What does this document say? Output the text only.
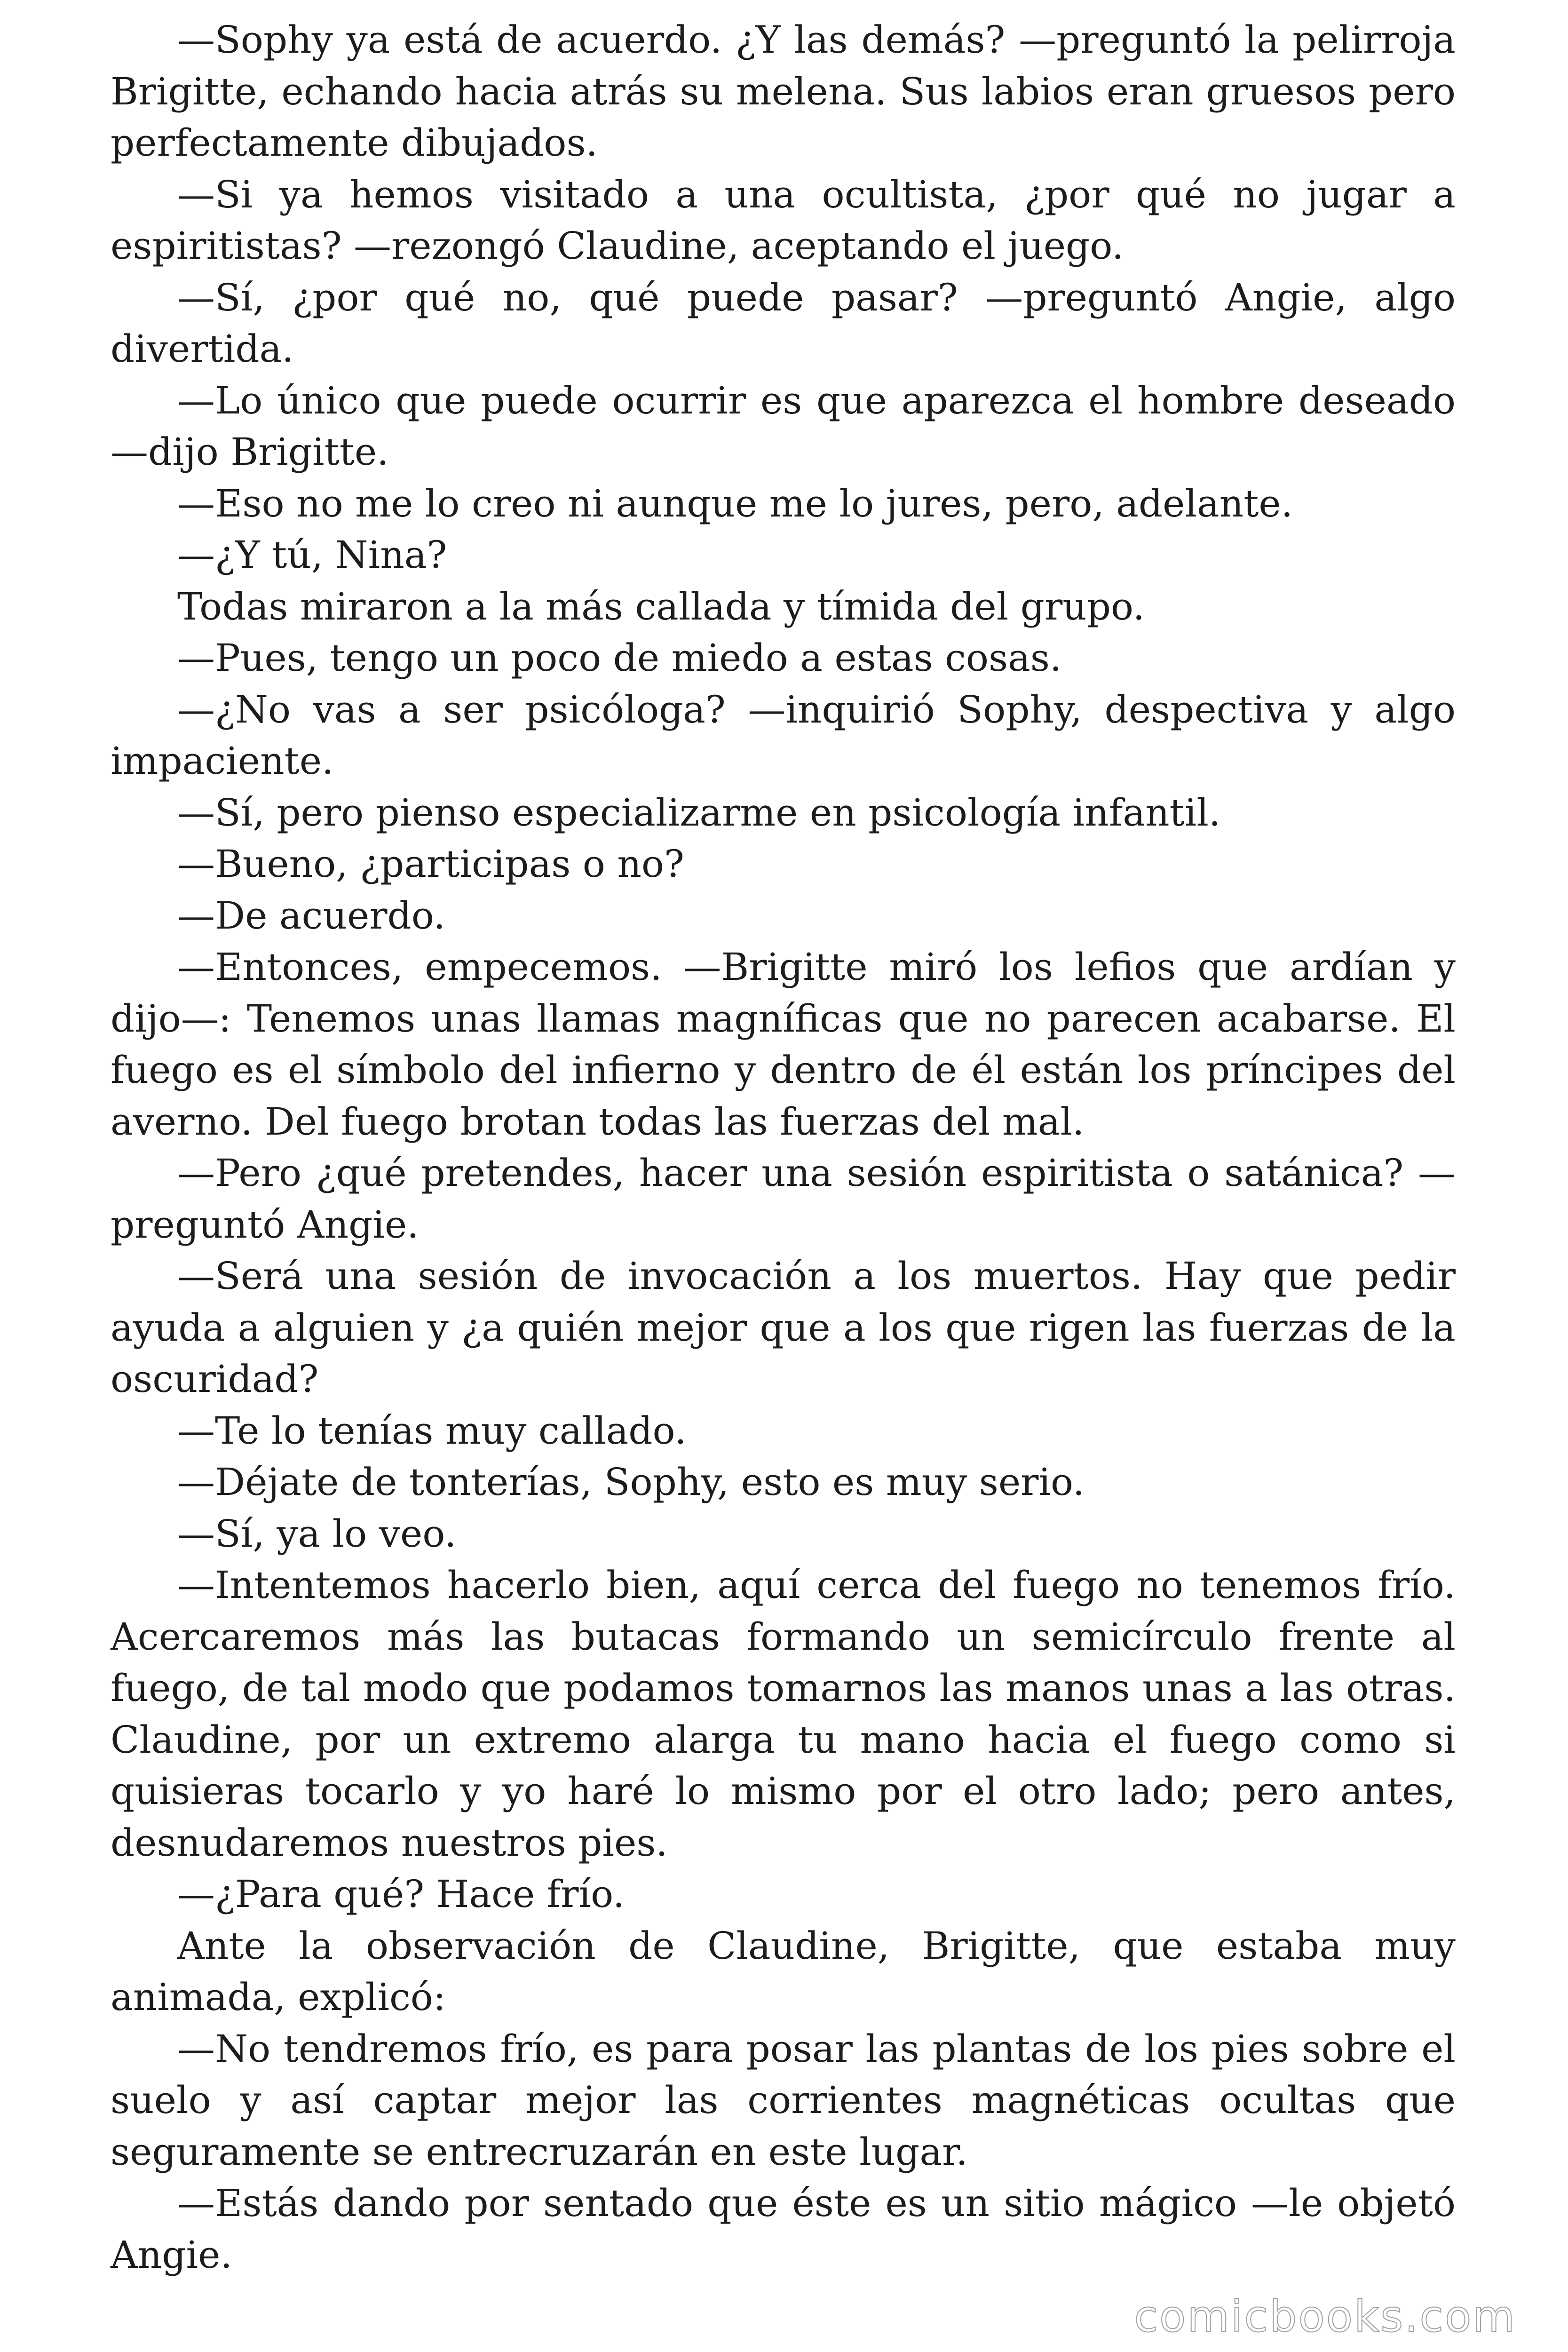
—Sophy ya está de acuerdo. ¿Y las demás? —preguntó la pelirroja Brigitte, echando hacia atrás su melena. Sus labios eran gruesos pero perfectamente dibujados.

—Si ya hemos visitado a una ocultista, ¿por qué no jugar a espiritistas? —rezongó Claudine, aceptando el juego.

—Sí, ¿por qué no, qué puede pasar? —preguntó Angie, algo divertida.

—Lo único que puede ocurrir es que aparezca el hombre deseado —dijo Brigitte.

—Eso no me lo creo ni aunque me lo jures, pero, adelante.

—¿Y tú, Nina?

Todas miraron a la más callada y tímida del grupo.

—Pues, tengo un poco de miedo a estas cosas.

—¿No vas a ser psicóloga? —inquirió Sophy, despectiva y algo impaciente.

—Sí, pero pienso especializarme en psicología infantil.

—Bueno, ¿participas o no?

—De acuerdo.

—Entonces, empecemos. —Brigitte miró los lefios que ardían y dijo—: Tenemos unas llamas magníficas que no parecen acabarse. El fuego es el símbolo del infierno y dentro de él están los príncipes del averno. Del fuego brotan todas las fuerzas del mal.

—Pero ¿qué pretendes, hacer una sesión espiritista o satánica? —preguntó Angie.

—Será una sesión de invocación a los muertos. Hay que pedir ayuda a alguien y ¿a quién mejor que a los que rigen las fuerzas de la oscuridad?

—Te lo tenías muy callado.

—Déjate de tonterías, Sophy, esto es muy serio.

—Sí, ya lo veo.

—Intentemos hacerlo bien, aquí cerca del fuego no tenemos frío. Acercaremos más las butacas formando un semicírculo frente al fuego, de tal modo que podamos tomarnos las manos unas a las otras. Claudine, por un extremo alarga tu mano hacia el fuego como si quisieras tocarlo y yo haré lo mismo por el otro lado; pero antes, desnudaremos nuestros pies.

—¿Para qué? Hace frío.

Ante la observación de Claudine, Brigitte, que estaba muy animada, explicó:

—No tendremos frío, es para posar las plantas de los pies sobre el suelo y así captar mejor las corrientes magnéticas ocultas que seguramente se entrecruzarán en este lugar.

—Estás dando por sentado que éste es un sitio mágico —le objetó Angie.

comicbooks.com
